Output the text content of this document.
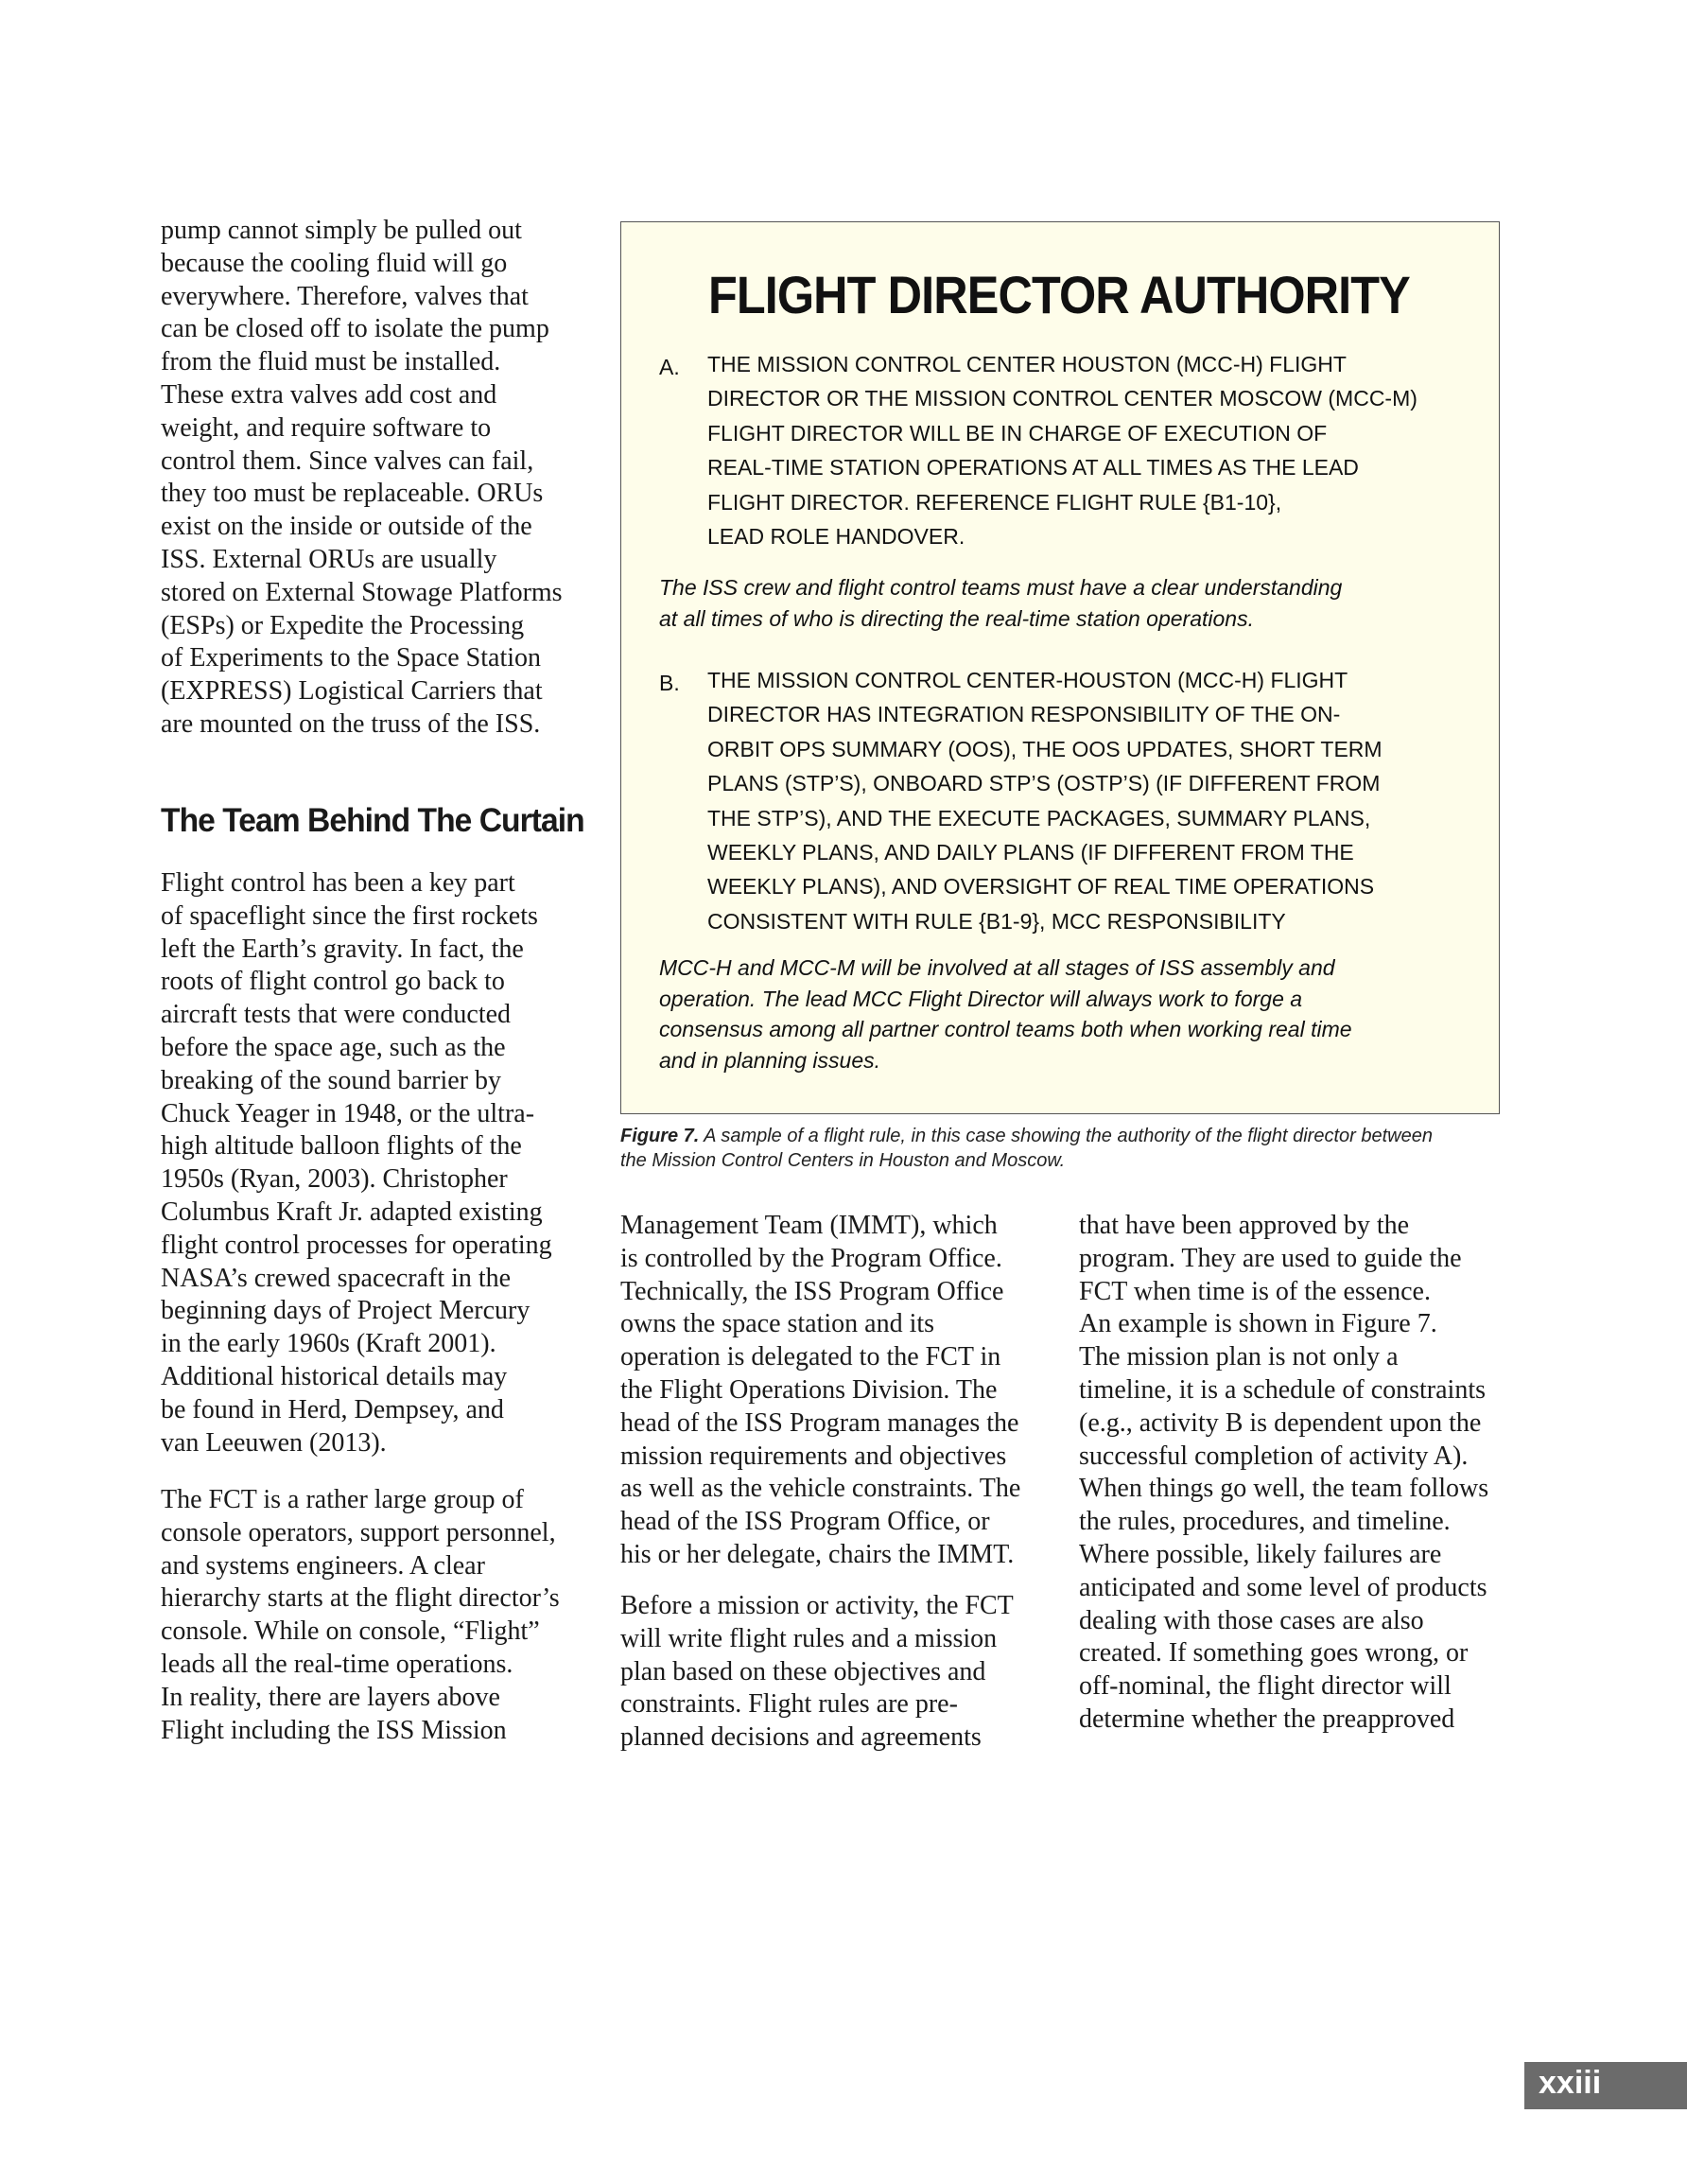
pump cannot simply be pulled out
because the cooling fluid will go
everywhere. Therefore, valves that
can be closed off to isolate the pump
from the fluid must be installed.
These extra valves add cost and
weight, and require software to
control them. Since valves can fail,
they too must be replaceable. ORUs
exist on the inside or outside of the
ISS. External ORUs are usually
stored on External Stowage Platforms
(ESPs) or Expedite the Processing
of Experiments to the Space Station
(EXPRESS) Logistical Carriers that
are mounted on the truss of the ISS.

The Team Behind The Curtain

Flight control has been a key part
of spaceflight since the first rockets
left the Earth’s gravity. In fact, the
roots of flight control go back to
aircraft tests that were conducted
before the space age, such as the
breaking of the sound barrier by
Chuck Yeager in 1948, or the ultra-
high altitude balloon flights of the
1950s (Ryan, 2003). Christopher
Columbus Kraft Jr. adapted existing
flight control processes for operating
NASA’s crewed spacecraft in the
beginning days of Project Mercury
in the early 1960s (Kraft 2001).
Additional historical details may
be found in Herd, Dempsey, and
van Leeuwen (2013).

The FCT is a rather large group of
console operators, support personnel,
and systems engineers. A clear
hierarchy starts at the flight director’s
console. While on console, “Flight”
leads all the real-time operations.
In reality, there are layers above
Flight including the ISS Mission

FLIGHT DIRECTOR AUTHORITY
A. THE MISSION CONTROL CENTER HOUSTON (MCC-H) FLIGHT
DIRECTOR OR THE MISSION CONTROL CENTER MOSCOW (MCC-M)
FLIGHT DIRECTOR WILL BE IN CHARGE OF EXECUTION OF
REAL-TIME STATION OPERATIONS AT ALL TIMES AS THE LEAD
FLIGHT DIRECTOR. REFERENCE FLIGHT RULE {B1-10},
LEAD ROLE HANDOVER.
The ISS crew and flight control teams must have a clear understanding
at all times of who is directing the real-time station operations.
B. THE MISSION CONTROL CENTER-HOUSTON (MCC-H) FLIGHT
DIRECTOR HAS INTEGRATION RESPONSIBILITY OF THE ON-
ORBIT OPS SUMMARY (OOS), THE OOS UPDATES, SHORT TERM
PLANS (STP’S), ONBOARD STP’S (OSTP’S) (IF DIFFERENT FROM
THE STP’S), AND THE EXECUTE PACKAGES, SUMMARY PLANS,
WEEKLY PLANS, AND DAILY PLANS (IF DIFFERENT FROM THE
WEEKLY PLANS), AND OVERSIGHT OF REAL TIME OPERATIONS
CONSISTENT WITH RULE {B1-9}, MCC RESPONSIBILITY
MCC-H and MCC-M will be involved at all stages of ISS assembly and
operation. The lead MCC Flight Director will always work to forge a
consensus among all partner control teams both when working real time
and in planning issues.
Figure 7. A sample of a flight rule, in this case showing the authority of the flight director between
the Mission Control Centers in Houston and Moscow.

Management Team (IMMT), which
is controlled by the Program Office.
Technically, the ISS Program Office
owns the space station and its
operation is delegated to the FCT in
the Flight Operations Division. The
head of the ISS Program manages the
mission requirements and objectives
as well as the vehicle constraints. The
head of the ISS Program Office, or
his or her delegate, chairs the IMMT.

Before a mission or activity, the FCT
will write flight rules and a mission
plan based on these objectives and
constraints. Flight rules are pre-
planned decisions and agreements

that have been approved by the
program. They are used to guide the
FCT when time is of the essence.
An example is shown in Figure 7.
The mission plan is not only a
timeline, it is a schedule of constraints
(e.g., activity B is dependent upon the
successful completion of activity A).
When things go well, the team follows
the rules, procedures, and timeline.
Where possible, likely failures are
anticipated and some level of products
dealing with those cases are also
created. If something goes wrong, or
off-nominal, the flight director will
determine whether the preapproved

xxiii
